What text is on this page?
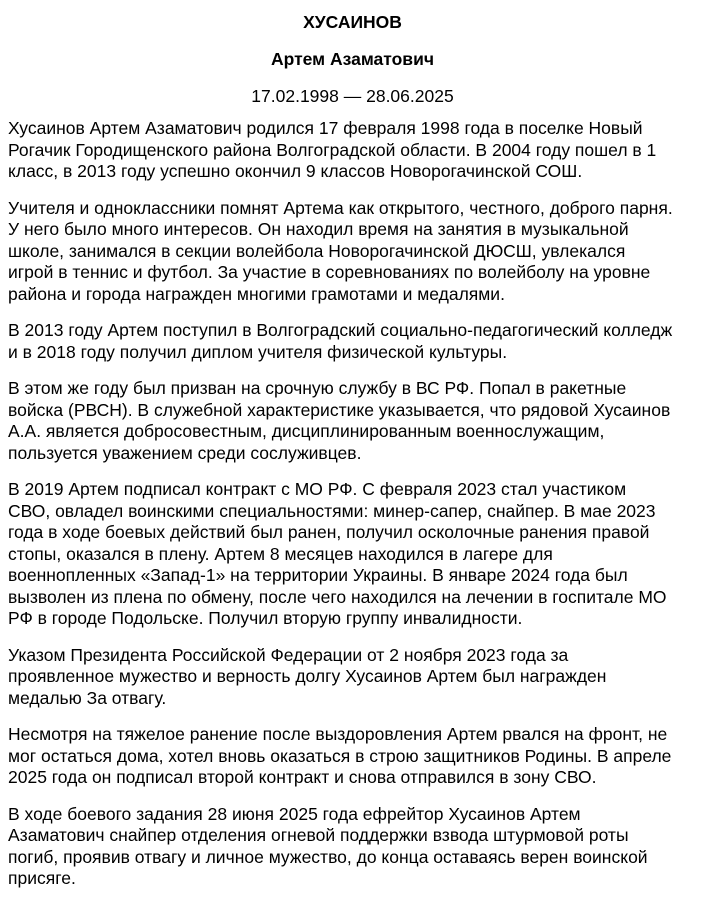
ХУСАИНОВ
Артем Азаматович
17.02.1998 — 28.06.2025

Хусаинов Артем Азаматович родился 17 февраля 1998 года в поселке Новый
Рогачик Городищенского района Волгоградской области. В 2004 году пошел в 1
класс, в 2013 году успешно окончил 9 классов Новорогачинской СОШ.

Учителя и одноклассники помнят Артема как открытого, честного, доброго парня.
У него было много интересов. Он находил время на занятия в музыкальной
школе, занимался в секции волейбола Новорогачинской ДЮСШ, увлекался
игрой в теннис и футбол. За участие в соревнованиях по волейболу на уровне
района и города награжден многими грамотами и медалями.

В 2013 году Артем поступил в Волгоградский социально-педагогический колледж
и в 2018 году получил диплом учителя физической культуры.

В этом же году был призван на срочную службу в ВС РФ. Попал в ракетные
войска (РВСН). В служебной характеристике указывается, что рядовой Хусаинов
А.А. является добросовестным, дисциплинированным военнослужащим,
пользуется уважением среди сослуживцев.

В 2019 Артем подписал контракт с МО РФ. С февраля 2023 стал участиком
СВО, овладел воинскими специальностями: минер-сапер, снайпер. В мае 2023
года в ходе боевых действий был ранен, получил осколочные ранения правой
стопы, оказался в плену. Артем 8 месяцев находился в лагере для
военнопленных «Запад-1» на территории Украины. В январе 2024 года был
вызволен из плена по обмену, после чего находился на лечении в госпитале МО
РФ в городе Подольске. Получил вторую группу инвалидности.

Указом Президента Российской Федерации от 2 ноября 2023 года за
проявленное мужество и верность долгу Хусаинов Артем был награжден
медалью За отвагу.

Несмотря на тяжелое ранение после выздоровления Артем рвался на фронт, не
мог остаться дома, хотел вновь оказаться в строю защитников Родины. В апреле
2025 года он подписал второй контракт и снова отправился в зону СВО.

В ходе боевого задания 28 июня 2025 года ефрейтор Хусаинов Артем
Азаматович снайпер отделения огневой поддержки взвода штурмовой роты
погиб, проявив отвагу и личное мужество, до конца оставаясь верен воинской
присяге.
